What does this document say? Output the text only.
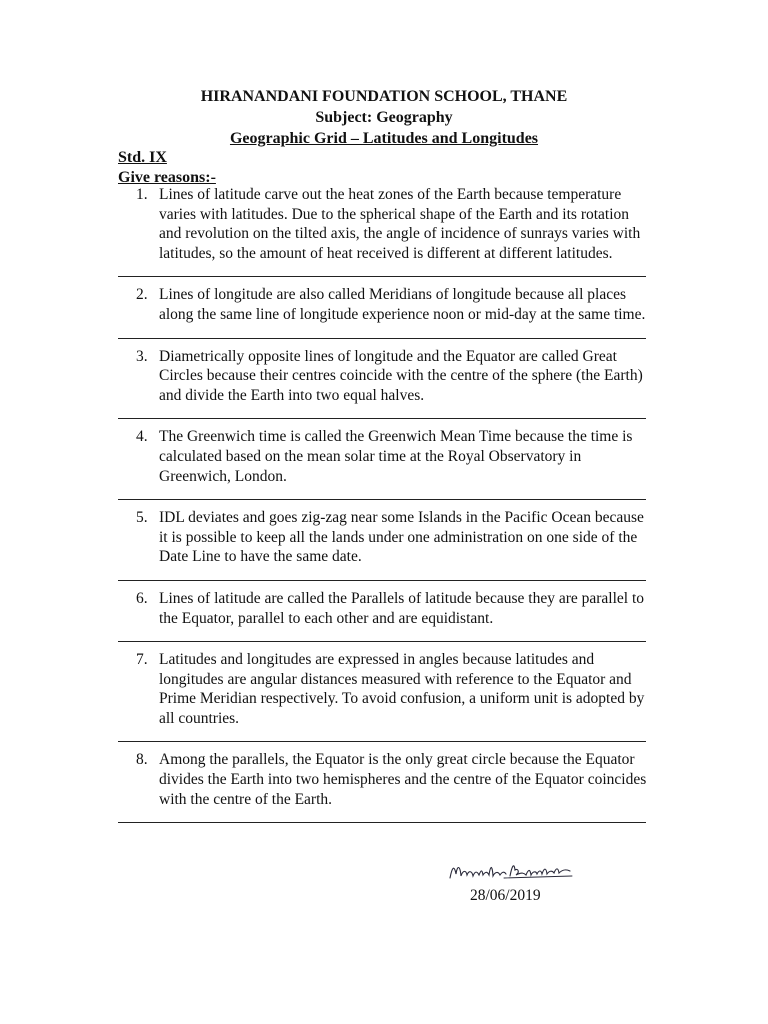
HIRANANDANI FOUNDATION SCHOOL, THANE
Subject: Geography
Geographic Grid – Latitudes and Longitudes
Std. IX
Give reasons:-
1. Lines of latitude carve out the heat zones of the Earth because temperature varies with latitudes. Due to the spherical shape of the Earth and its rotation and revolution on the tilted axis, the angle of incidence of sunrays varies with latitudes, so the amount of heat received is different at different latitudes.
2. Lines of longitude are also called Meridians of longitude because all places along the same line of longitude experience noon or mid-day at the same time.
3. Diametrically opposite lines of longitude and the Equator are called Great Circles because their centres coincide with the centre of the sphere (the Earth) and divide the Earth into two equal halves.
4. The Greenwich time is called the Greenwich Mean Time because the time is calculated based on the mean solar time at the Royal Observatory in Greenwich, London.
5. IDL deviates and goes zig-zag near some Islands in the Pacific Ocean because it is possible to keep all the lands under one administration on one side of the Date Line to have the same date.
6. Lines of latitude are called the Parallels of latitude because they are parallel to the Equator, parallel to each other and are equidistant.
7. Latitudes and longitudes are expressed in angles because latitudes and longitudes are angular distances measured with reference to the Equator and Prime Meridian respectively. To avoid confusion, a uniform unit is adopted by all countries.
8. Among the parallels, the Equator is the only great circle because the Equator divides the Earth into two hemispheres and the centre of the Equator coincides with the centre of the Earth.
28/06/2019
